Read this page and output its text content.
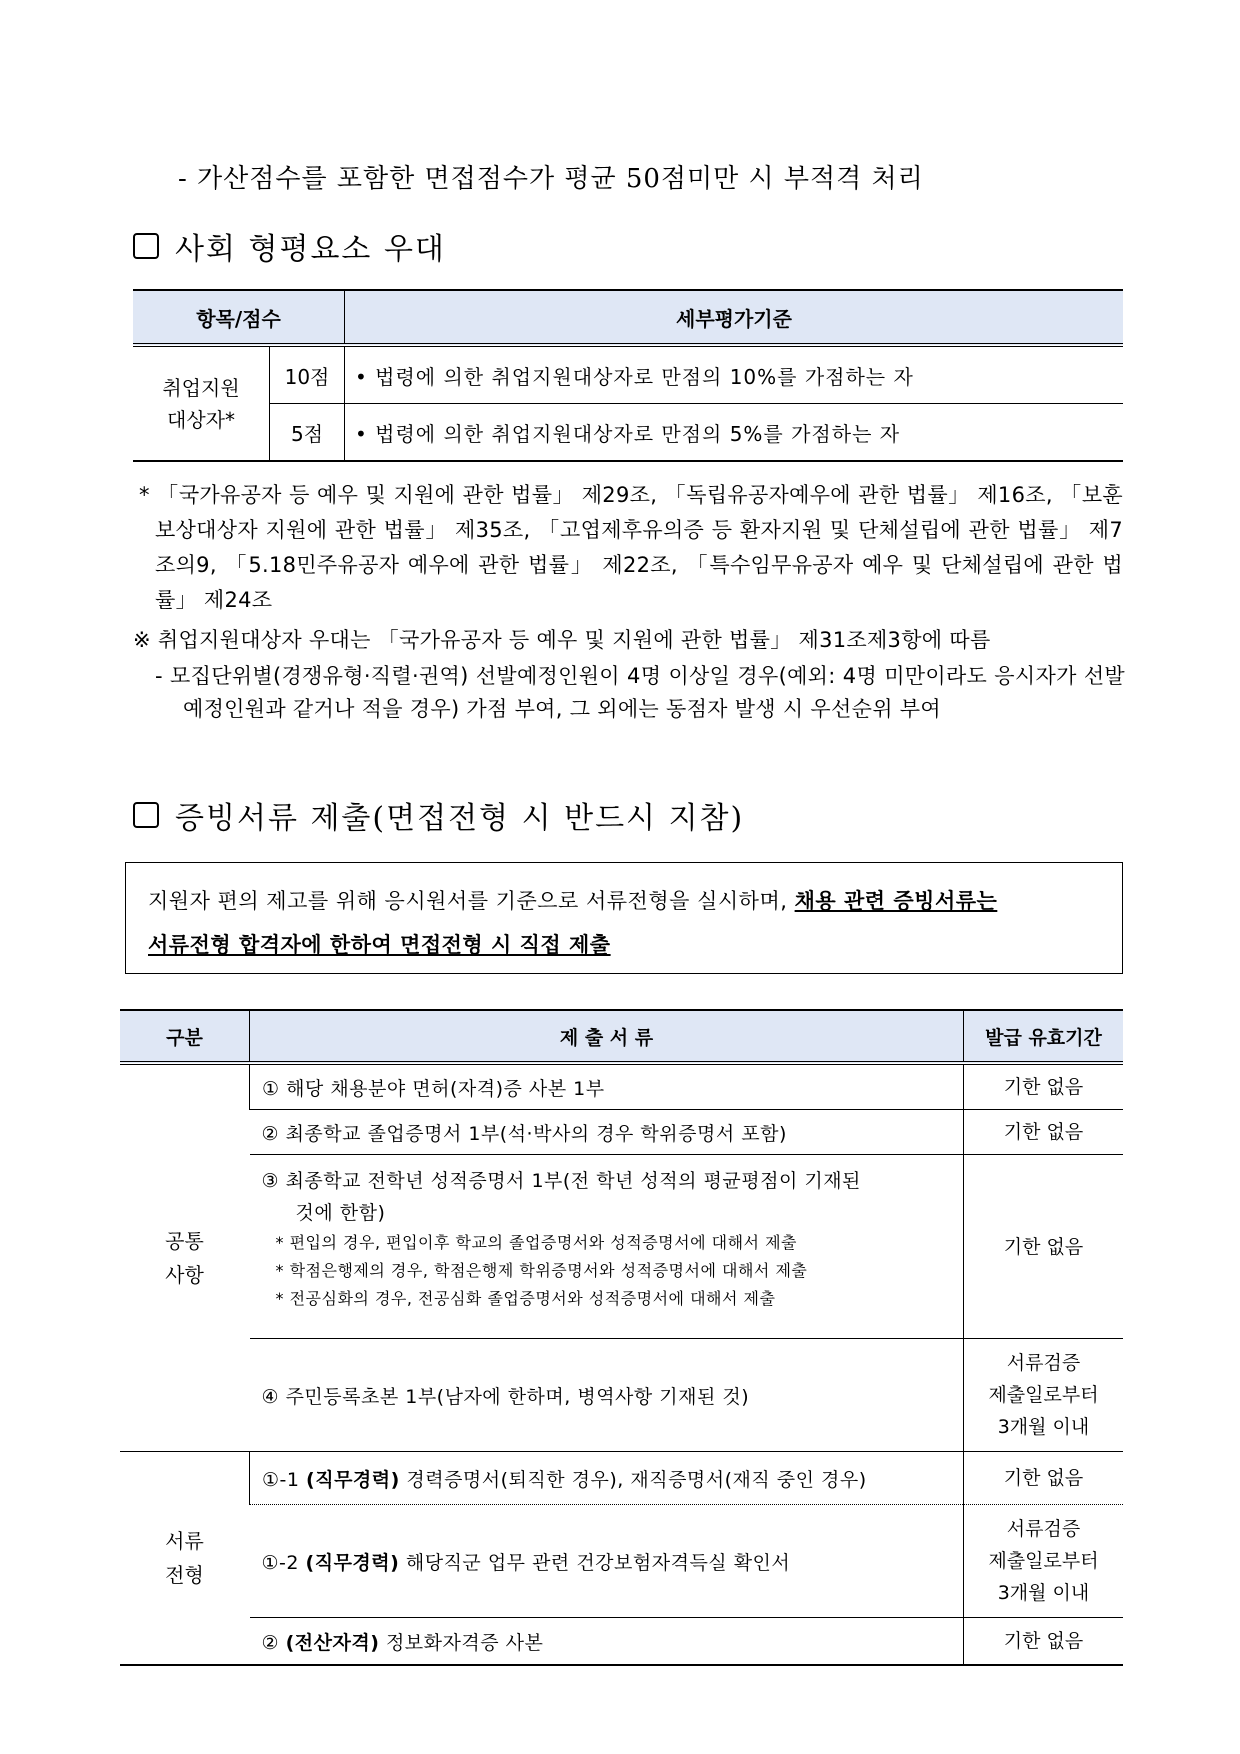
- 가산점수를 포함한 면접점수가 평균 50점미만 시 부적격 처리
사회 형평요소 우대
항목/점수		세부평가기준
취업지원 대상자*	10점	• 법령에 의한 취업지원대상자로 만점의 10%를 가점하는 자
	5점	• 법령에 의한 취업지원대상자로 만점의 5%를 가점하는 자
* 「국가유공자 등 예우 및 지원에 관한 법률」 제29조, 「독립유공자예우에 관한 법률」 제16조, 「보훈보상대상자 지원에 관한 법률」 제35조, 「고엽제후유의증 등 환자지원 및 단체설립에 관한 법률」 제7조의9, 「5.18민주유공자 예우에 관한 법률」 제22조, 「특수임무유공자 예우 및 단체설립에 관한 법률」 제24조
※ 취업지원대상자 우대는 「국가유공자 등 예우 및 지원에 관한 법률」 제31조제3항에 따름
- 모집단위별(경쟁유형·직렬·권역) 선발예정인원이 4명 이상일 경우(예외: 4명 미만이라도 응시자가 선발예정인원과 같거나 적을 경우) 가점 부여, 그 외에는 동점자 발생 시 우선순위 부여
증빙서류 제출(면접전형 시 반드시 지참)

지원자 편의 제고를 위해 응시원서를 기준으로 서류전형을 실시하며, 채용 관련 증빙서류는

서류전형 합격자에 한하여 면접전형 시 직접 제출

구분	제 출 서 류	발급 유효기간
공통 사항	① 해당 채용분야 면허(자격)증 사본 1부	기한 없음
	② 최종학교 졸업증명서 1부(석·박사의 경우 학위증명서 포함)	기한 없음

	③ 최종학교 전학년 성적증명서 1부(전 학년 성적의 평균평점이 기재된
것에 한함)
* 편입의 경우, 편입이후 학교의 졸업증명서와 성적증명서에 대해서 제출
* 학점은행제의 경우, 학점은행제 학위증명서와 성적증명서에 대해서 제출
* 전공심화의 경우, 전공심화 졸업증명서와 성적증명서에 대해서 제출	기한 없음
	④ 주민등록초본 1부(남자에 한하며, 병역사항 기재된 것)	서류검증
제출일로부터
3개월 이내

서류 전형	①-1 (직무경력) 경력증명서(퇴직한 경우), 재직증명서(재직 중인 경우)	기한 없음
	①-2 (직무경력) 해당직군 업무 관련 건강보험자격득실 확인서	서류검증
제출일로부터
3개월 이내

	② (전산자격) 정보화자격증 사본	기한 없음
